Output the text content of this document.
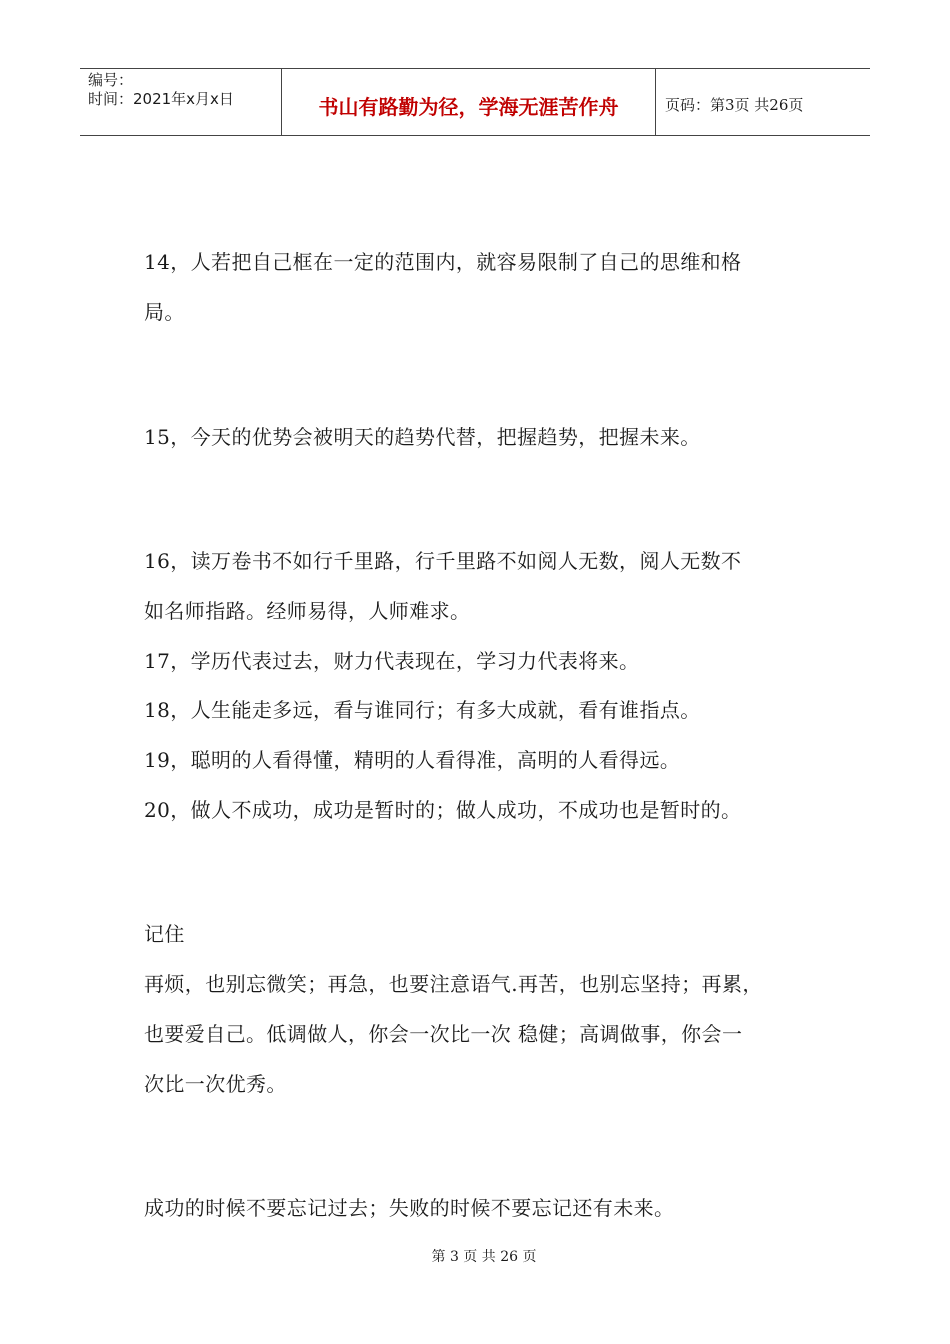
编号：
时间：2021年x月x日	书山有路勤为径，学海无涯苦作舟	页码：第3页 共26页
14，人若把自己框在一定的范围内，就容易限制了自己的思维和格
局。
15，今天的优势会被明天的趋势代替，把握趋势，把握未来。
16，读万卷书不如行千里路，行千里路不如阅人无数，阅人无数不
如名师指路。经师易得，人师难求。
17，学历代表过去，财力代表现在，学习力代表将来。
18，人生能走多远，看与谁同行；有多大成就，看有谁指点。
19，聪明的人看得懂，精明的人看得准，高明的人看得远。
20，做人不成功，成功是暂时的；做人成功，不成功也是暂时的。
记住
再烦，也别忘微笑；再急，也要注意语气.再苦，也别忘坚持；再累，
也要爱自己。低调做人，你会一次比一次 稳健；高调做事，你会一
次比一次优秀。
成功的时候不要忘记过去；失败的时候不要忘记还有未来。
第 3 页 共 26 页
